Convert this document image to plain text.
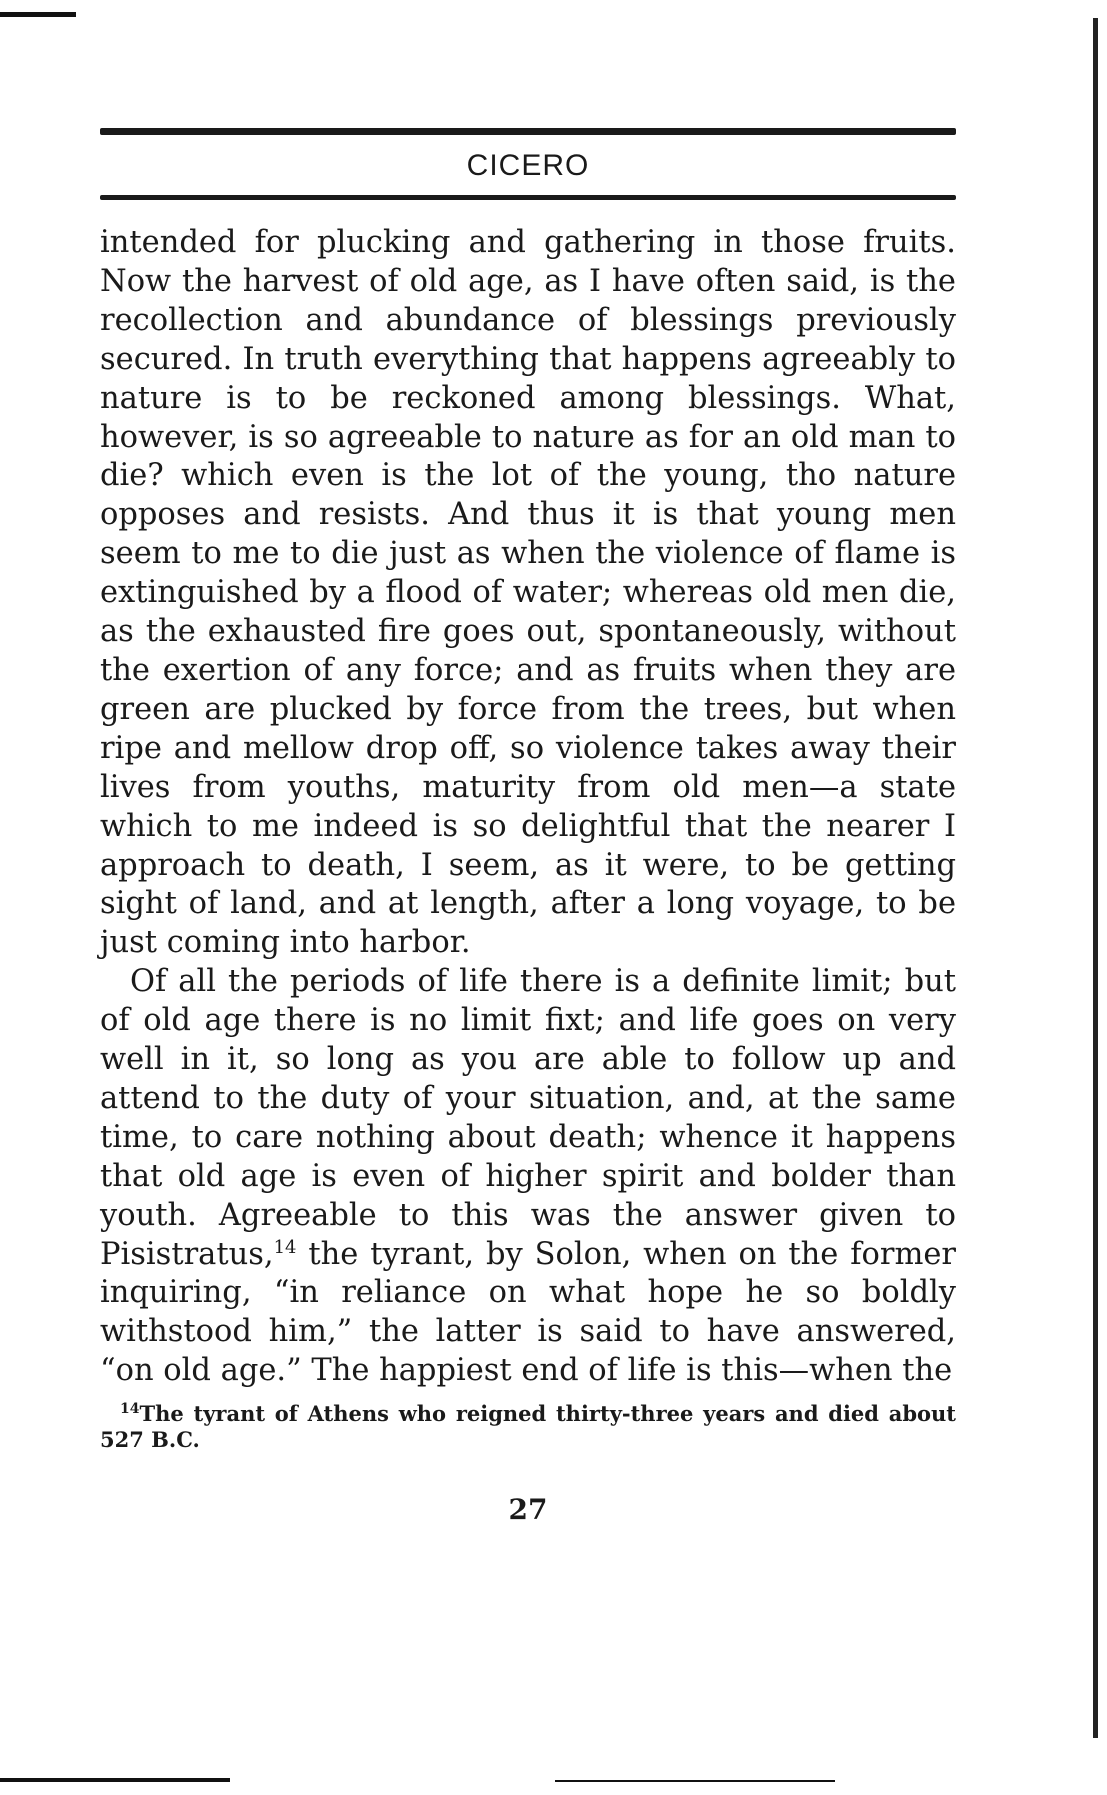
CICERO

intended for plucking and gathering in those fruits. Now the harvest of old age, as I have often said, is the recollection and abundance of blessings previously secured. In truth everything that happens agreeably to nature is to be reckoned among blessings. What, however, is so agreeable to nature as for an old man to die? which even is the lot of the young, tho nature opposes and resists. And thus it is that young men seem to me to die just as when the violence of flame is extinguished by a flood of water; whereas old men die, as the exhausted fire goes out, spontaneously, without the exertion of any force; and as fruits when they are green are plucked by force from the trees, but when ripe and mellow drop off, so violence takes away their lives from youths, maturity from old men—a state which to me indeed is so delightful that the nearer I approach to death, I seem, as it were, to be getting sight of land, and at length, after a long voyage, to be just coming into harbor.

Of all the periods of life there is a definite limit; but of old age there is no limit fixt; and life goes on very well in it, so long as you are able to follow up and attend to the duty of your situation, and, at the same time, to care nothing about death; whence it happens that old age is even of higher spirit and bolder than youth. Agreeable to this was the answer given to Pisistratus,$^{14}$ the tyrant, by Solon, when on the former inquiring, “in reliance on what hope he so boldly withstood him,” the latter is said to have answered, “on old age.” The happiest end of life is this—when the

$^{14}$The tyrant of Athens who reigned thirty-three years and died about 527 B.C.
27
